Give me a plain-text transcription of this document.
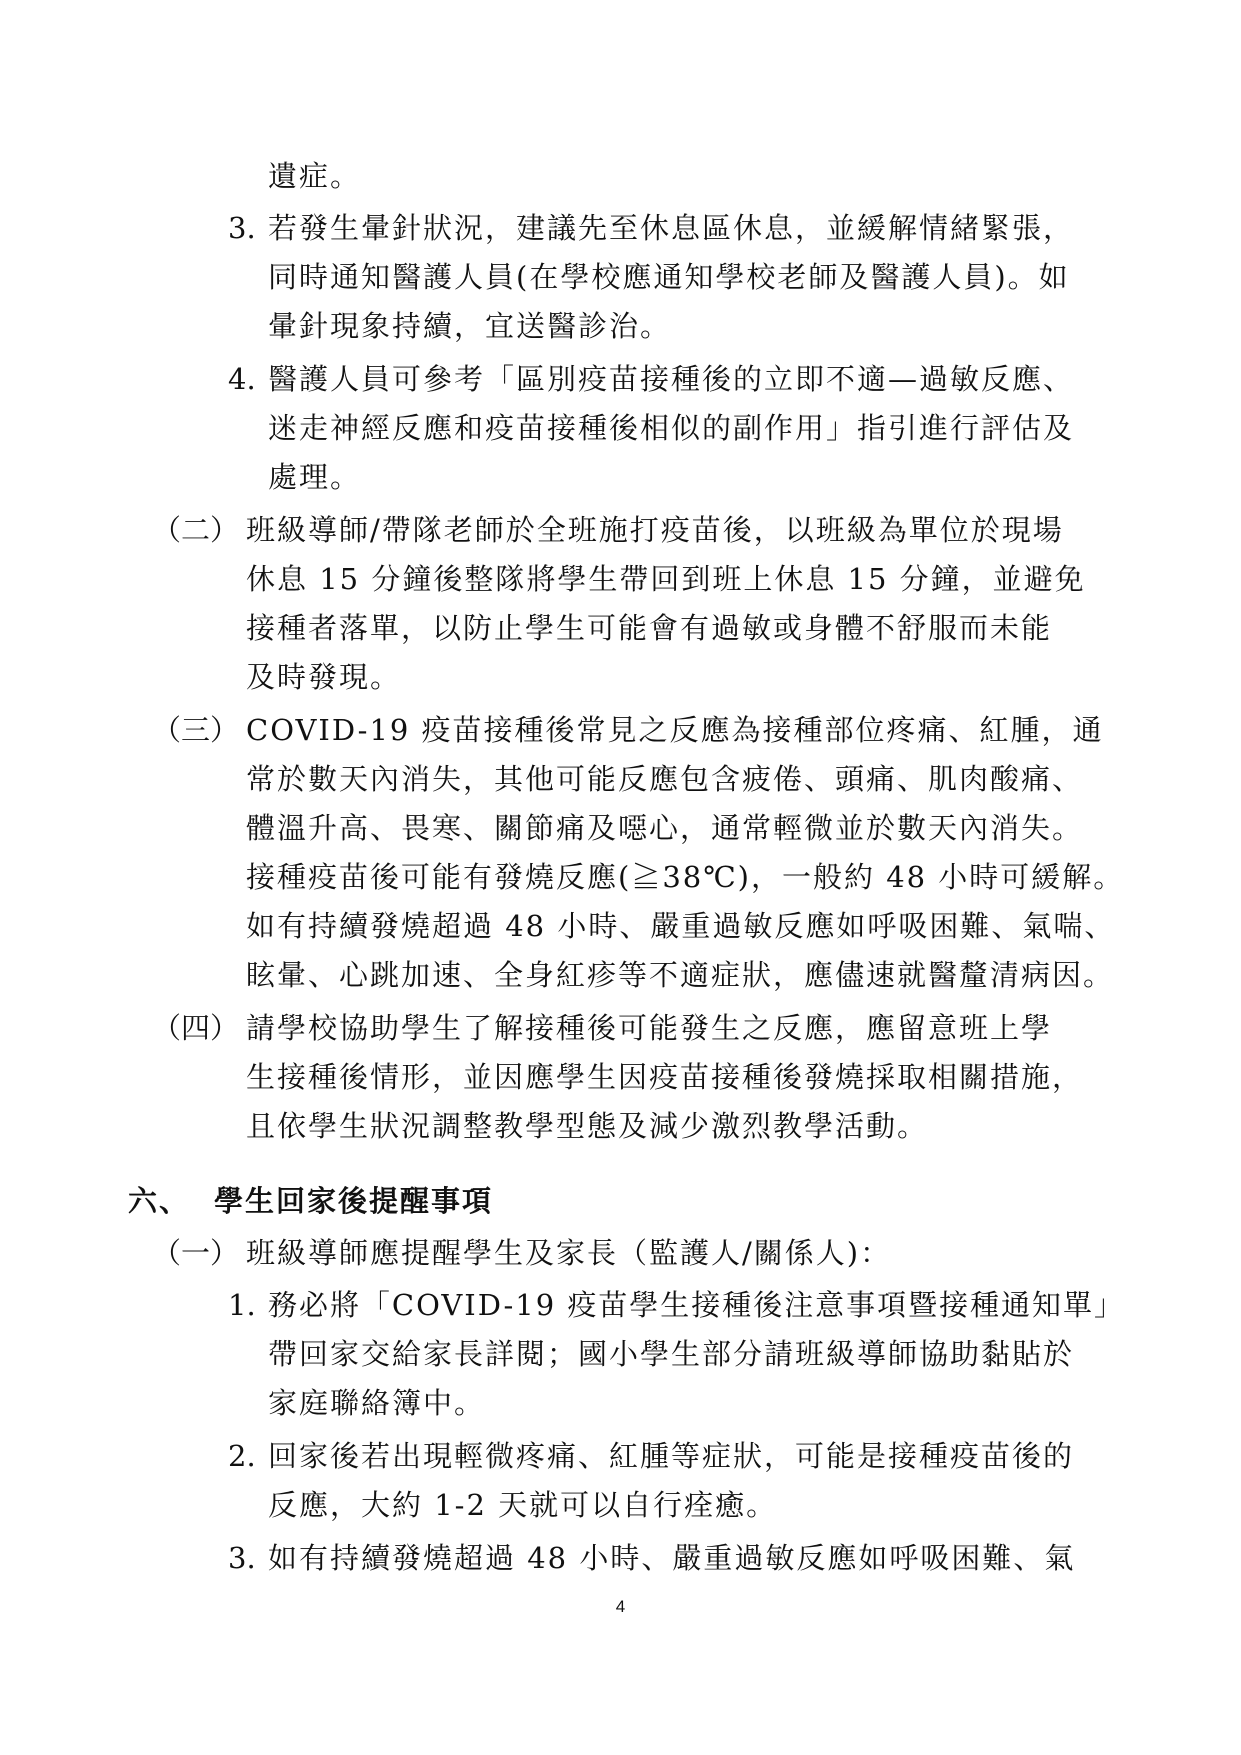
遺症。
3. 若發生暈針狀況，建議先至休息區休息，並緩解情緒緊張，
同時通知醫護人員(在學校應通知學校老師及醫護人員)。如
暈針現象持續，宜送醫診治。
4. 醫護人員可參考「區別疫苗接種後的立即不適—過敏反應、
迷走神經反應和疫苗接種後相似的副作用」指引進行評估及
處理。
（二） 班級導師/帶隊老師於全班施打疫苗後，以班級為單位於現場
休息 15 分鐘後整隊將學生帶回到班上休息 15 分鐘，並避免
接種者落單，以防止學生可能會有過敏或身體不舒服而未能
及時發現。
（三） COVID-19 疫苗接種後常見之反應為接種部位疼痛、紅腫，通
常於數天內消失，其他可能反應包含疲倦、頭痛、肌肉酸痛、
體溫升高、畏寒、關節痛及噁心，通常輕微並於數天內消失。
接種疫苗後可能有發燒反應(≧38℃)，一般約 48 小時可緩解。
如有持續發燒超過 48 小時、嚴重過敏反應如呼吸困難、氣喘、
眩暈、心跳加速、全身紅疹等不適症狀，應儘速就醫釐清病因。
（四） 請學校協助學生了解接種後可能發生之反應，應留意班上學
生接種後情形，並因應學生因疫苗接種後發燒採取相關措施，
且依學生狀況調整教學型態及減少激烈教學活動。
六、 學生回家後提醒事項
（一） 班級導師應提醒學生及家長（監護人/關係人)：
1. 務必將「COVID-19 疫苗學生接種後注意事項暨接種通知單」
帶回家交給家長詳閱；國小學生部分請班級導師協助黏貼於
家庭聯絡簿中。
2. 回家後若出現輕微疼痛、紅腫等症狀，可能是接種疫苗後的
反應，大約 1-2 天就可以自行痊癒。
3. 如有持續發燒超過 48 小時、嚴重過敏反應如呼吸困難、氣
4
